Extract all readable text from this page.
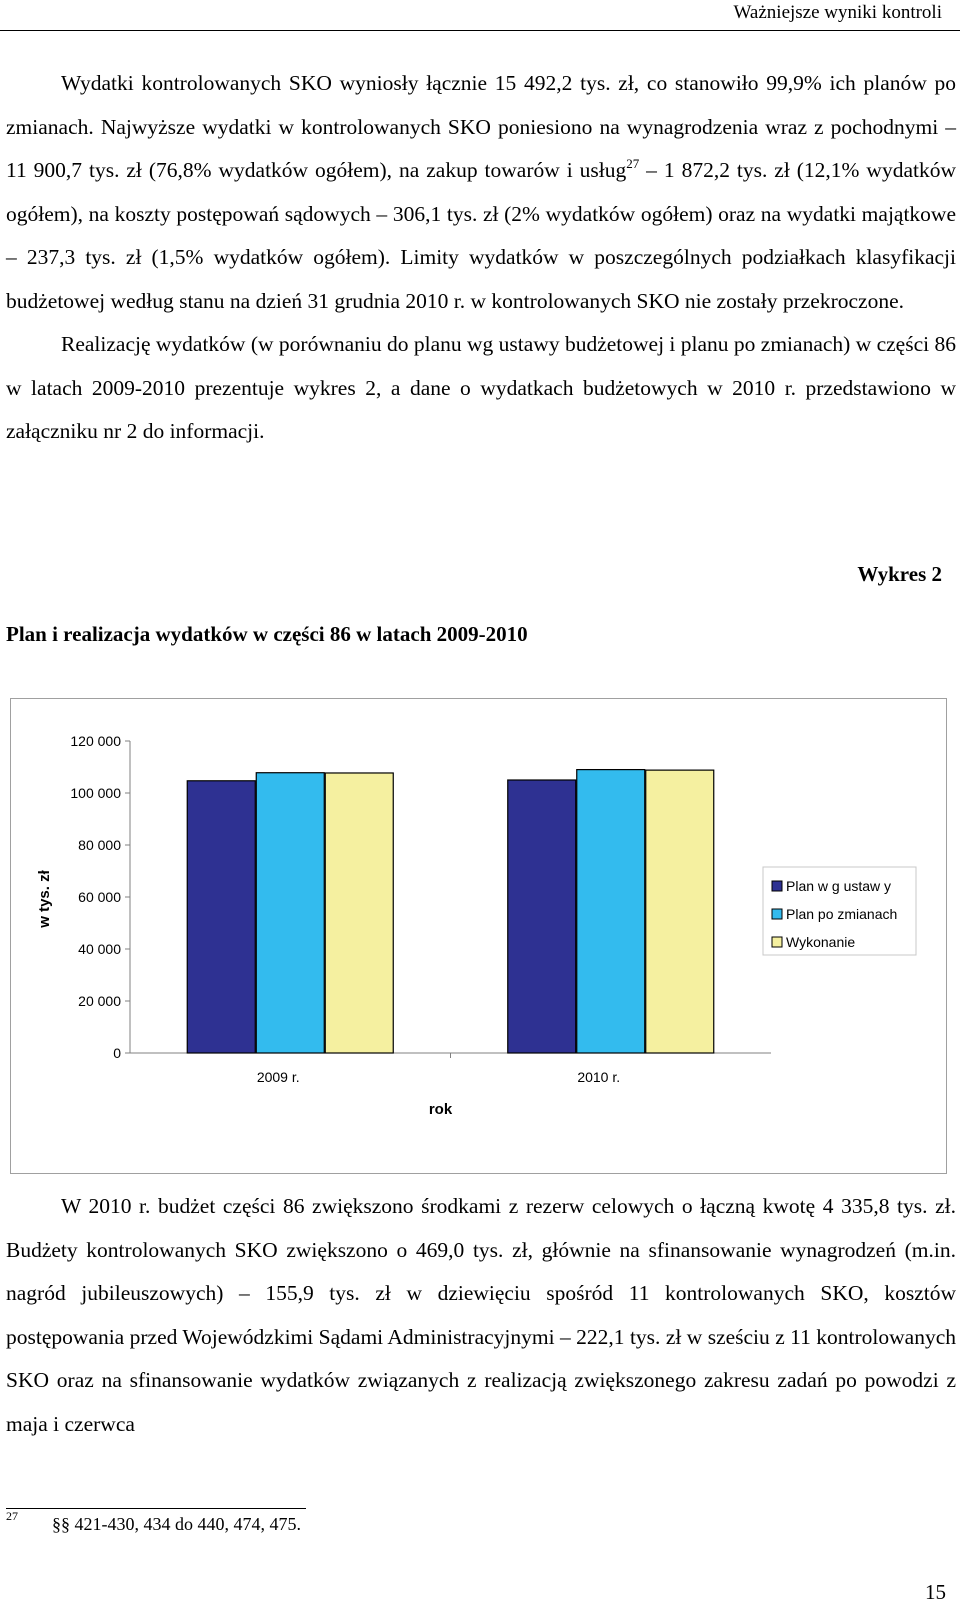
Ważniejsze wyniki kontroli

Wydatki kontrolowanych SKO wyniosły łącznie 15 492,2 tys. zł, co stanowiło 99,9% ich planów po zmianach. Najwyższe wydatki w kontrolowanych SKO poniesiono na wynagrodzenia wraz z pochodnymi – 11 900,7 tys. zł (76,8% wydatków ogółem), na zakup towarów i usług$^{27}$ – 1 872,2 tys. zł (12,1% wydatków ogółem), na koszty postępowań sądowych – 306,1 tys. zł (2% wydatków ogółem) oraz na wydatki majątkowe – 237,3 tys. zł (1,5% wydatków ogółem). Limity wydatków w poszczególnych podziałkach klasyfikacji budżetowej według stanu na dzień 31 grudnia 2010 r. w kontrolowanych SKO nie zostały przekroczone.

Realizację wydatków (w porównaniu do planu wg ustawy budżetowej i planu po zmianach) w części 86 w latach 2009-2010 prezentuje wykres 2, a dane o wydatkach budżetowych w 2010 r. przedstawiono w załączniku nr 2 do informacji.

Wykres 2
Plan i realizacja wydatków w części 86 w latach 2009-2010
0
20 000
40 000
60 000
80 000
100 000
120 000
2009 r.	2010 r.
rok
w tys. zł	Plan w g ustaw y
Plan po zmianach
Wykonanie

W 2010 r. budżet części 86 zwiększono środkami z rezerw celowych o łączną kwotę 4 335,8 tys. zł. Budżety kontrolowanych SKO zwiększono o 469,0 tys. zł, głównie na sfinansowanie wynagrodzeń (m.in. nagród jubileuszowych) – 155,9 tys. zł w dziewięciu spośród 11 kontrolowanych SKO, kosztów postępowania przed Wojewódzkimi Sądami Administracyjnymi – 222,1 tys. zł w sześciu z 11 kontrolowanych SKO oraz na sfinansowanie wydatków związanych z realizacją zwiększonego zakresu zadań po powodzi z maja i czerwca

$^{27}$ §§ 421-430, 434 do 440, 474, 475.
15
